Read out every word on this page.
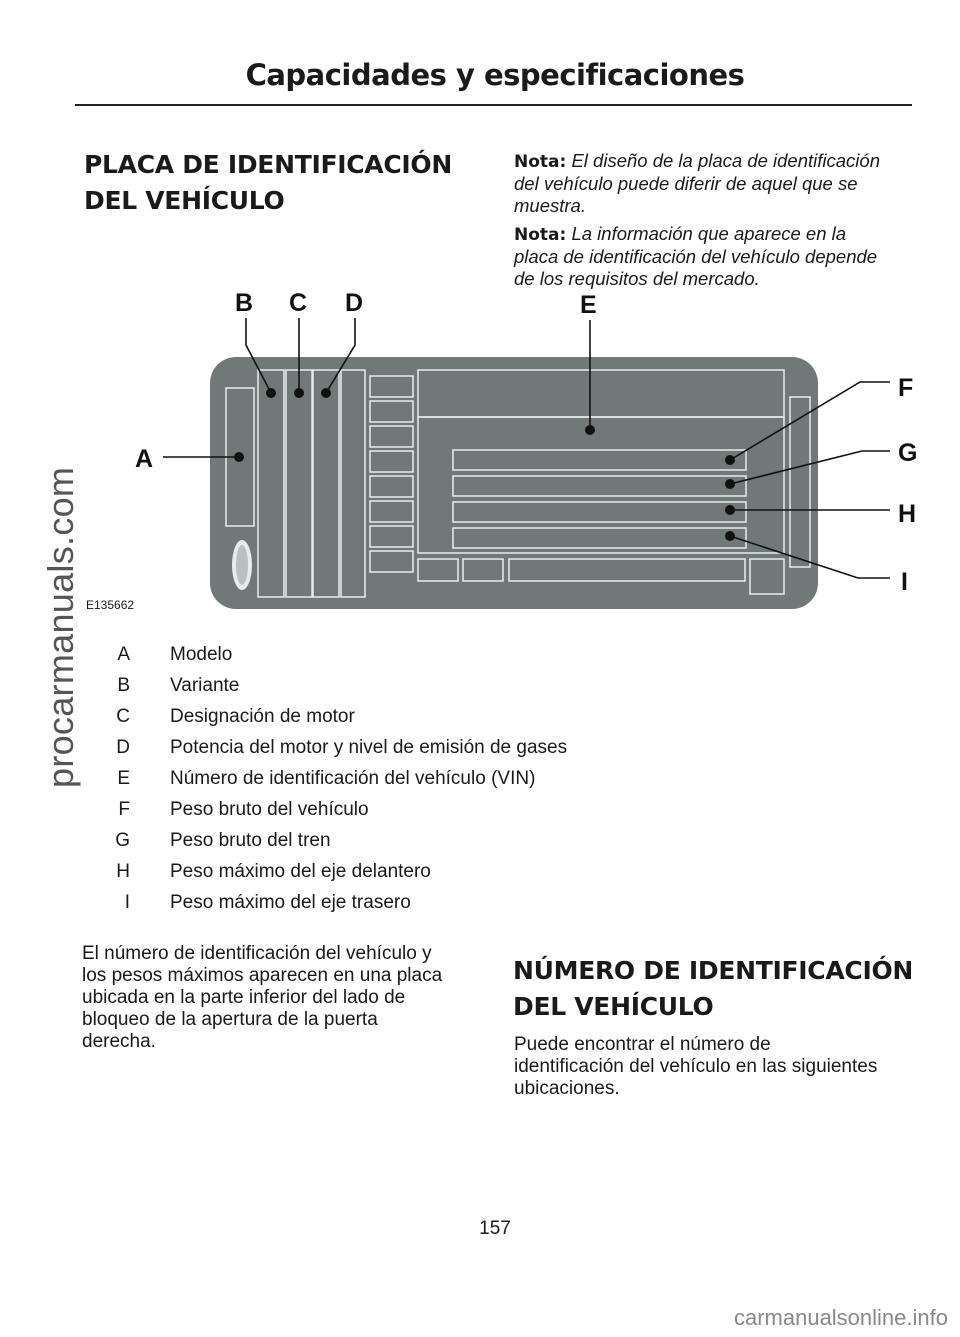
Capacidades y especificaciones
PLACA DE IDENTIFICACIÓN
DEL VEHÍCULO
Nota: El diseño de la placa de identificación
del vehículo puede diferir de aquel que se
muestra.
Nota: La información que aparece en la
placa de identificación del vehículo depende
de los requisitos del mercado.
A
B C D	E
F
G
H
I
E135662
A Modelo
B Variante
C Designación de motor
D Potencia del motor y nivel de emisión de gases
E Número de identificación del vehículo (VIN)
F Peso bruto del vehículo
G Peso bruto del tren
H Peso máximo del eje delantero
I Peso máximo del eje trasero
El número de identificación del vehículo y
los pesos máximos aparecen en una placa
ubicada en la parte inferior del lado de
bloqueo de la apertura de la puerta
derecha.
NÚMERO DE IDENTIFICACIÓN
DEL VEHÍCULO
Puede encontrar el número de
identificación del vehículo en las siguientes
ubicaciones.
157
procarmanuals.com
carmanualsonline.info
